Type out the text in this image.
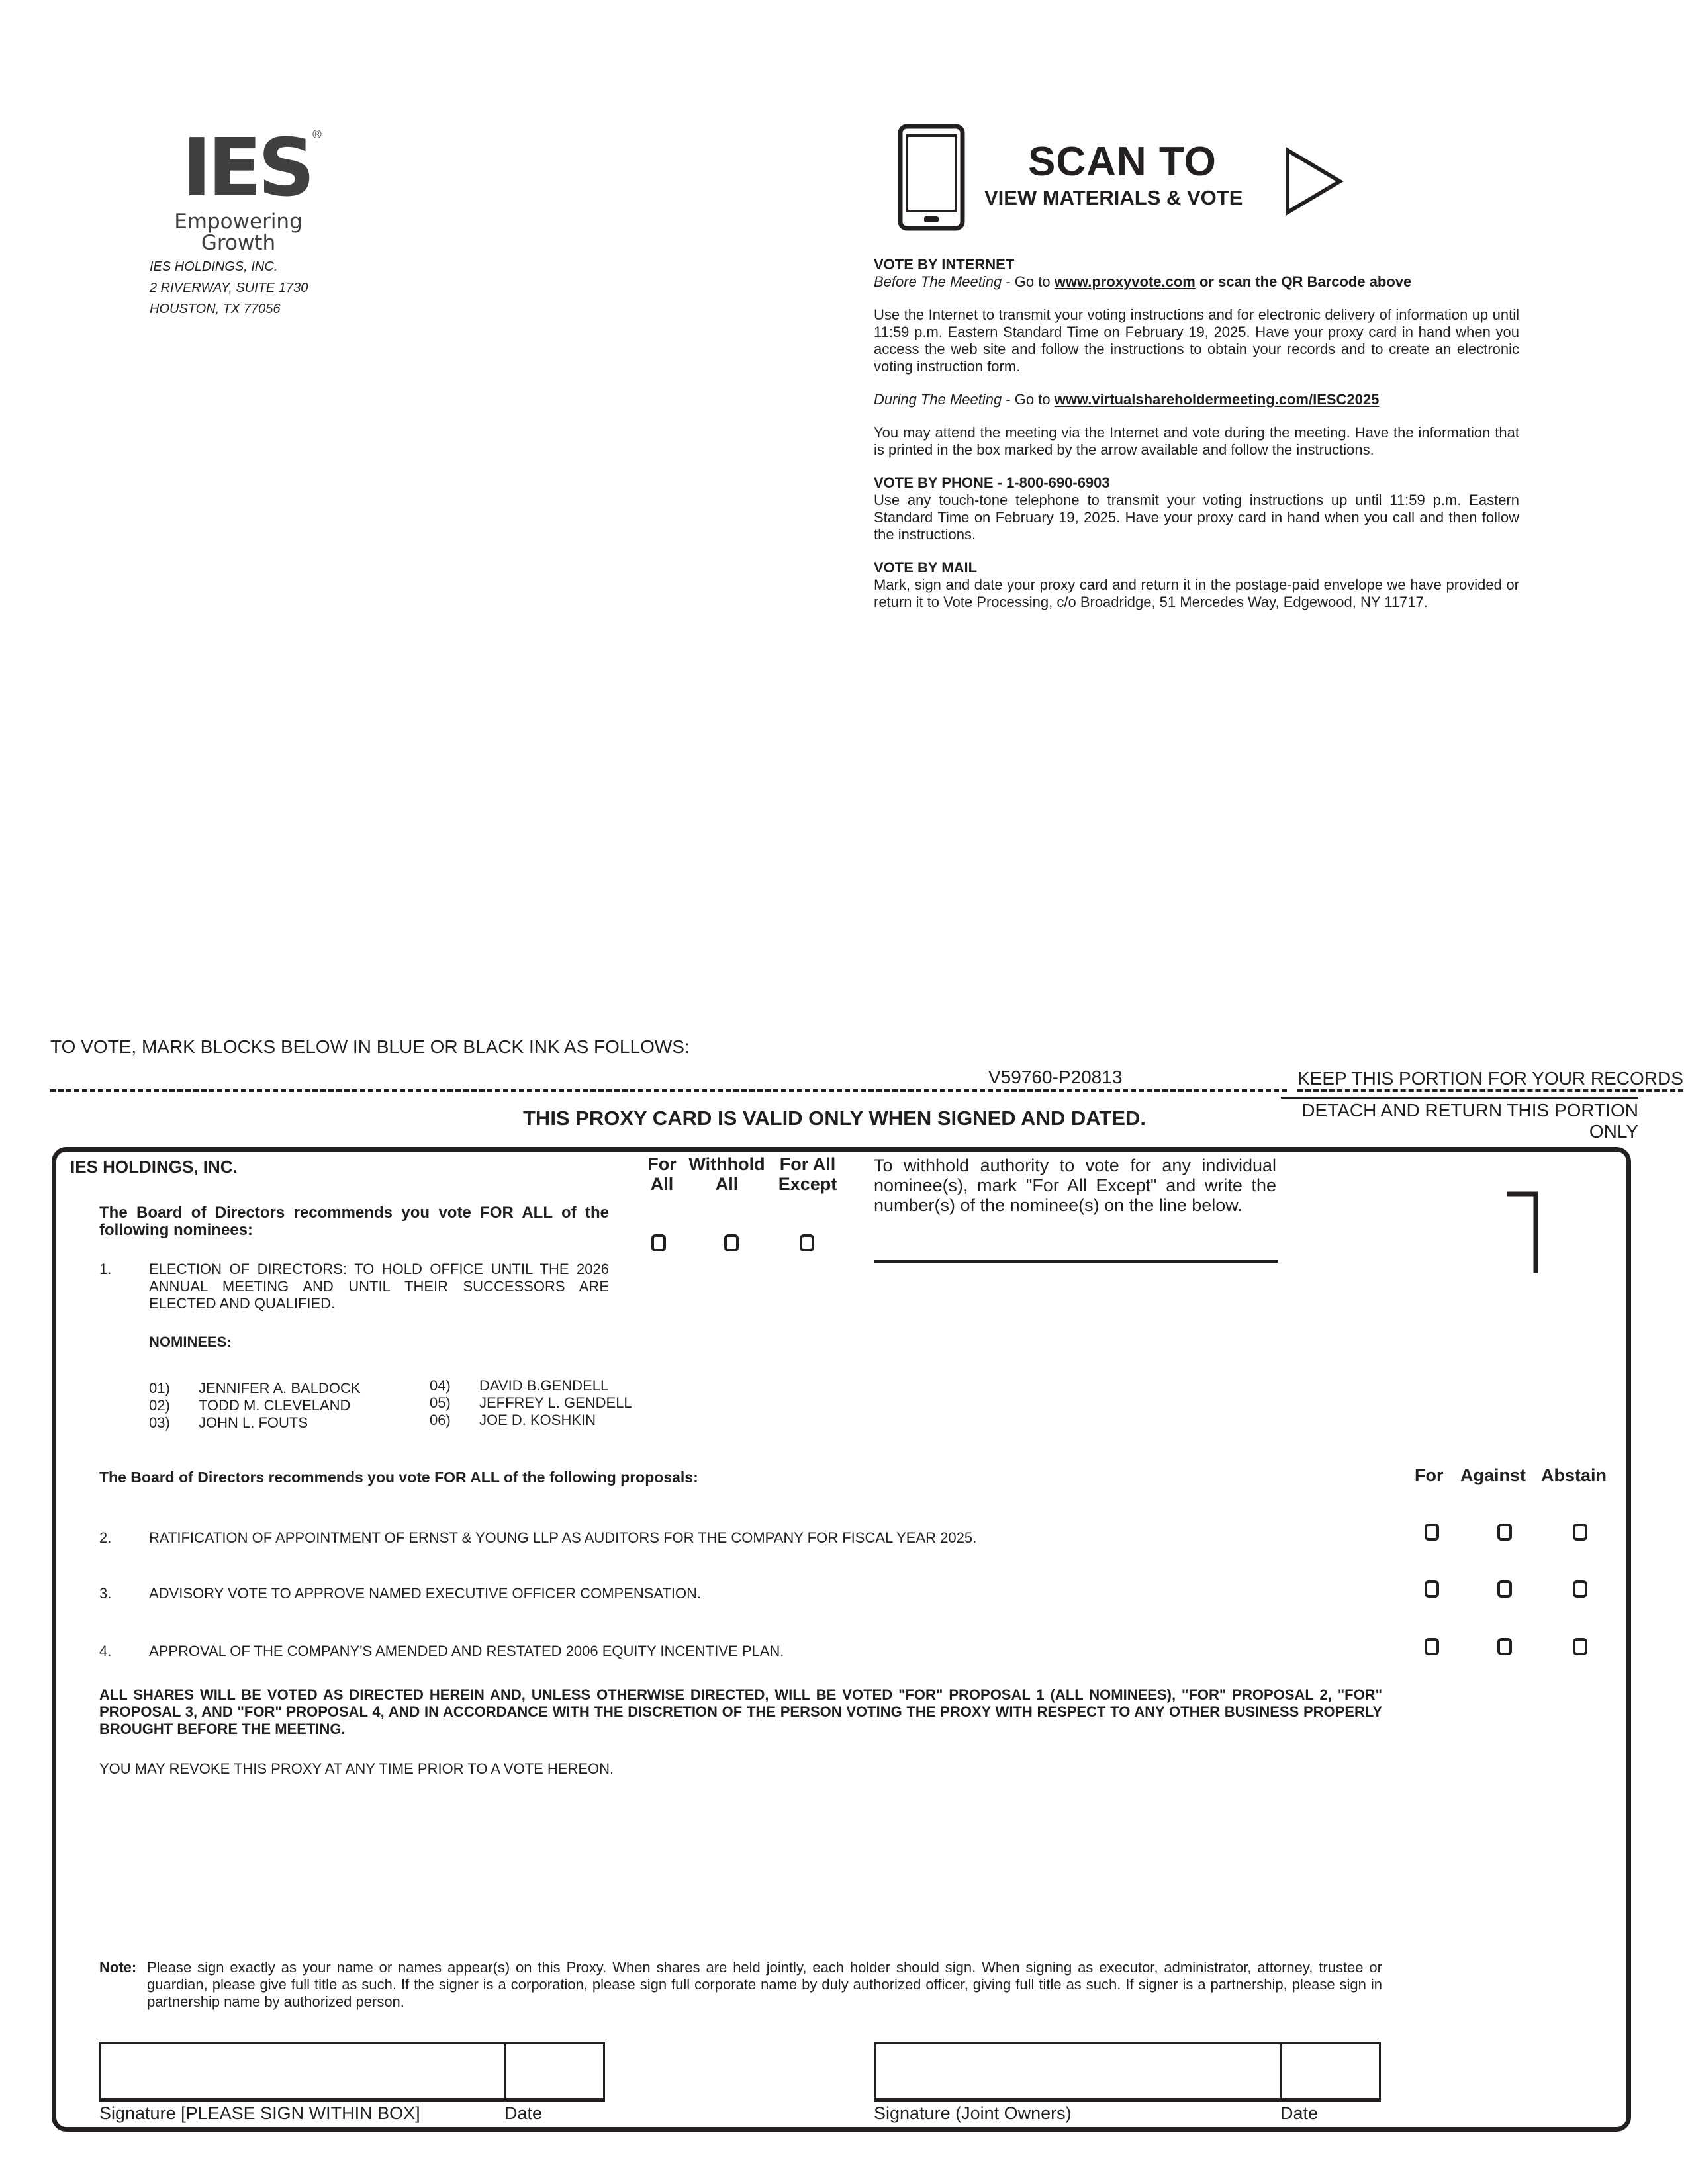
IES®
Empowering
Growth
IES HOLDINGS, INC.
2 RIVERWAY, SUITE 1730
HOUSTON, TX 77056
SCAN TO
VIEW MATERIALS & VOTE
VOTE BY INTERNET
Before The Meeting - Go to www.proxyvote.com or scan the QR Barcode above
Use the Internet to transmit your voting instructions and for electronic delivery of information up until 11:59 p.m. Eastern Standard Time on February 19, 2025. Have your proxy card in hand when you access the web site and follow the instructions to obtain your records and to create an electronic voting instruction form.
During The Meeting - Go to www.virtualshareholdermeeting.com/IESC2025
You may attend the meeting via the Internet and vote during the meeting. Have the information that is printed in the box marked by the arrow available and follow the instructions.
VOTE BY PHONE - 1-800-690-6903
Use any touch-tone telephone to transmit your voting instructions up until 11:59 p.m. Eastern Standard Time on February 19, 2025. Have your proxy card in hand when you call and then follow the instructions.
VOTE BY MAIL
Mark, sign and date your proxy card and return it in the postage-paid envelope we have provided or return it to Vote Processing, c/o Broadridge, 51 Mercedes Way, Edgewood, NY 11717.
TO VOTE, MARK BLOCKS BELOW IN BLUE OR BLACK INK AS FOLLOWS:
V59760-P20813	KEEP THIS PORTION FOR YOUR RECORDS
DETACH AND RETURN THIS PORTION ONLY
THIS PROXY CARD IS VALID ONLY WHEN SIGNED AND DATED.
IES HOLDINGS, INC.
The Board of Directors recommends you vote FOR ALL of the following nominees:
1.	ELECTION OF DIRECTORS: TO HOLD OFFICE UNTIL THE 2026 ANNUAL MEETING AND UNTIL THEIR SUCCESSORS ARE ELECTED AND QUALIFIED.
NOMINEES:
01) JENNIFER A. BALDOCK
02) TODD M. CLEVELAND
03) JOHN L. FOUTS
04) DAVID B.GENDELL
05) JEFFREY L. GENDELL
06) JOE D. KOSHKIN
For
All
Withhold
All
For All
Except
To withhold authority to vote for any individual nominee(s), mark "For All Except" and write the number(s) of the nominee(s) on the line below.
The Board of Directors recommends you vote FOR ALL of the following proposals:	For Against Abstain
2.	RATIFICATION OF APPOINTMENT OF ERNST & YOUNG LLP AS AUDITORS FOR THE COMPANY FOR FISCAL YEAR 2025.
3.	ADVISORY VOTE TO APPROVE NAMED EXECUTIVE OFFICER COMPENSATION.
4.	APPROVAL OF THE COMPANY'S AMENDED AND RESTATED 2006 EQUITY INCENTIVE PLAN.
ALL SHARES WILL BE VOTED AS DIRECTED HEREIN AND, UNLESS OTHERWISE DIRECTED, WILL BE VOTED "FOR" PROPOSAL 1 (ALL NOMINEES), "FOR" PROPOSAL 2, "FOR" PROPOSAL 3, AND "FOR" PROPOSAL 4, AND IN ACCORDANCE WITH THE DISCRETION OF THE PERSON VOTING THE PROXY WITH RESPECT TO ANY OTHER BUSINESS PROPERLY BROUGHT BEFORE THE MEETING.
YOU MAY REVOKE THIS PROXY AT ANY TIME PRIOR TO A VOTE HEREON.
Note: Please sign exactly as your name or names appear(s) on this Proxy. When shares are held jointly, each holder should sign. When signing as executor, administrator, attorney, trustee or guardian, please give full title as such. If the signer is a corporation, please sign full corporate name by duly authorized officer, giving full title as such. If signer is a partnership, please sign in partnership name by authorized person.
Signature [PLEASE SIGN WITHIN BOX]	Date	Signature (Joint Owners)	Date
